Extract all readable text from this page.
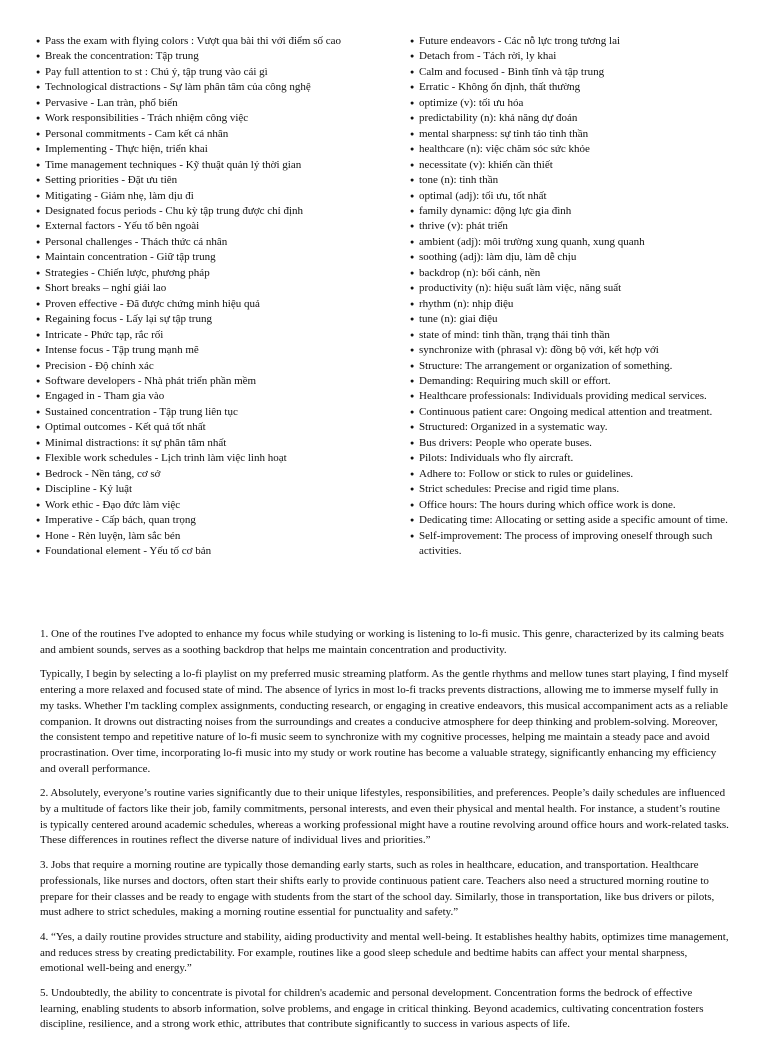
● Pass the exam with flying colors : Vượt qua bài thi với điểm số cao
● Break the concentration: Tập trung
● Pay full attention to st : Chú ý, tập trung vào cái gì
● Technological distractions - Sự làm phân tâm của công nghệ
● Pervasive - Lan tràn, phổ biến
● Work responsibilities - Trách nhiệm công việc
● Personal commitments - Cam kết cá nhân
● Implementing - Thực hiện, triển khai
● Time management techniques - Kỹ thuật quản lý thời gian
● Setting priorities - Đặt ưu tiên
● Mitigating - Giảm nhẹ, làm dịu đi
● Designated focus periods - Chu kỳ tập trung được chỉ định
● External factors - Yếu tố bên ngoài
● Personal challenges - Thách thức cá nhân
● Maintain concentration - Giữ tập trung
● Strategies - Chiến lược, phương pháp
● Short breaks – nghỉ giải lao
● Proven effective - Đã được chứng minh hiệu quả
● Regaining focus - Lấy lại sự tập trung
● Intricate - Phức tạp, rắc rối
● Intense focus - Tập trung mạnh mẽ
● Precision - Độ chính xác
● Software developers - Nhà phát triển phần mềm
● Engaged in - Tham gia vào
● Sustained concentration - Tập trung liên tục
● Optimal outcomes - Kết quả tốt nhất
● Minimal distractions: ít sự phân tâm nhất
● Flexible work schedules - Lịch trình làm việc linh hoạt
● Bedrock - Nền tảng, cơ sở
● Discipline - Kỷ luật
● Work ethic - Đạo đức làm việc
● Imperative - Cấp bách, quan trọng
● Hone - Rèn luyện, làm sắc bén
● Foundational element - Yếu tố cơ bản
● Future endeavors - Các nỗ lực trong tương lai
● Detach from - Tách rời, ly khai
● Calm and focused - Bình tĩnh và tập trung
● Erratic - Không ổn định, thất thường
● optimize (v): tối ưu hóa
● predictability (n): khả năng dự đoán
● mental sharpness: sự tinh táo tinh thần
● healthcare (n): việc chăm sóc sức khỏe
● necessitate (v): khiến cần thiết
● tone (n): tinh thần
● optimal (adj): tối ưu, tốt nhất
● family dynamic: động lực gia đình
● thrive (v): phát triển
● ambient (adj): môi trường xung quanh, xung quanh
● soothing (adj): làm dịu, làm dễ chịu
● backdrop (n): bối cảnh, nền
● productivity (n): hiệu suất làm việc, năng suất
● rhythm (n): nhịp điệu
● tune (n): giai điệu
● state of mind: tinh thần, trạng thái tinh thần
● synchronize with (phrasal v): đồng bộ với, kết hợp với
● Structure: The arrangement or organization of something.
● Demanding: Requiring much skill or effort.
● Healthcare professionals: Individuals providing medical services.
● Continuous patient care: Ongoing medical attention and treatment.
● Structured: Organized in a systematic way.
● Bus drivers: People who operate buses.
● Pilots: Individuals who fly aircraft.
● Adhere to: Follow or stick to rules or guidelines.
● Strict schedules: Precise and rigid time plans.
● Office hours: The hours during which office work is done.
● Dedicating time: Allocating or setting aside a specific amount of time.
● Self-improvement: The process of improving oneself through such activities.

1. One of the routines I've adopted to enhance my focus while studying or working is listening to lo-fi music. This genre, characterized by its calming beats and ambient sounds, serves as a soothing backdrop that helps me maintain concentration and productivity.

Typically, I begin by selecting a lo-fi playlist on my preferred music streaming platform. As the gentle rhythms and mellow tunes start playing, I find myself entering a more relaxed and focused state of mind. The absence of lyrics in most lo-fi tracks prevents distractions, allowing me to immerse myself fully in my tasks. Whether I'm tackling complex assignments, conducting research, or engaging in creative endeavors, this musical accompaniment acts as a reliable companion. It drowns out distracting noises from the surroundings and creates a conducive atmosphere for deep thinking and problem-solving. Moreover, the consistent tempo and repetitive nature of lo-fi music seem to synchronize with my cognitive processes, helping me maintain a steady pace and avoid procrastination. Over time, incorporating lo-fi music into my study or work routine has become a valuable strategy, significantly enhancing my efficiency and overall performance.

2. Absolutely, everyone’s routine varies significantly due to their unique lifestyles, responsibilities, and preferences. People’s daily schedules are influenced by a multitude of factors like their job, family commitments, personal interests, and even their physical and mental health. For instance, a student’s routine is typically centered around academic schedules, whereas a working professional might have a routine revolving around office hours and work-related tasks. These differences in routines reflect the diverse nature of individual lives and priorities.”

3. Jobs that require a morning routine are typically those demanding early starts, such as roles in healthcare, education, and transportation. Healthcare professionals, like nurses and doctors, often start their shifts early to provide continuous patient care. Teachers also need a structured morning routine to prepare for their classes and be ready to engage with students from the start of the school day. Similarly, those in transportation, like bus drivers or pilots, must adhere to strict schedules, making a morning routine essential for punctuality and safety.”

4. “Yes, a daily routine provides structure and stability, aiding productivity and mental well-being. It establishes healthy habits, optimizes time management, and reduces stress by creating predictability. For example, routines like a good sleep schedule and bedtime habits can affect your mental sharpness, emotional well-being and energy.”

5. Undoubtedly, the ability to concentrate is pivotal for children's academic and personal development. Concentration forms the bedrock of effective learning, enabling students to absorb information, solve problems, and engage in critical thinking. Beyond academics, cultivating concentration fosters discipline, resilience, and a strong work ethic, attributes that contribute significantly to success in various aspects of life.
